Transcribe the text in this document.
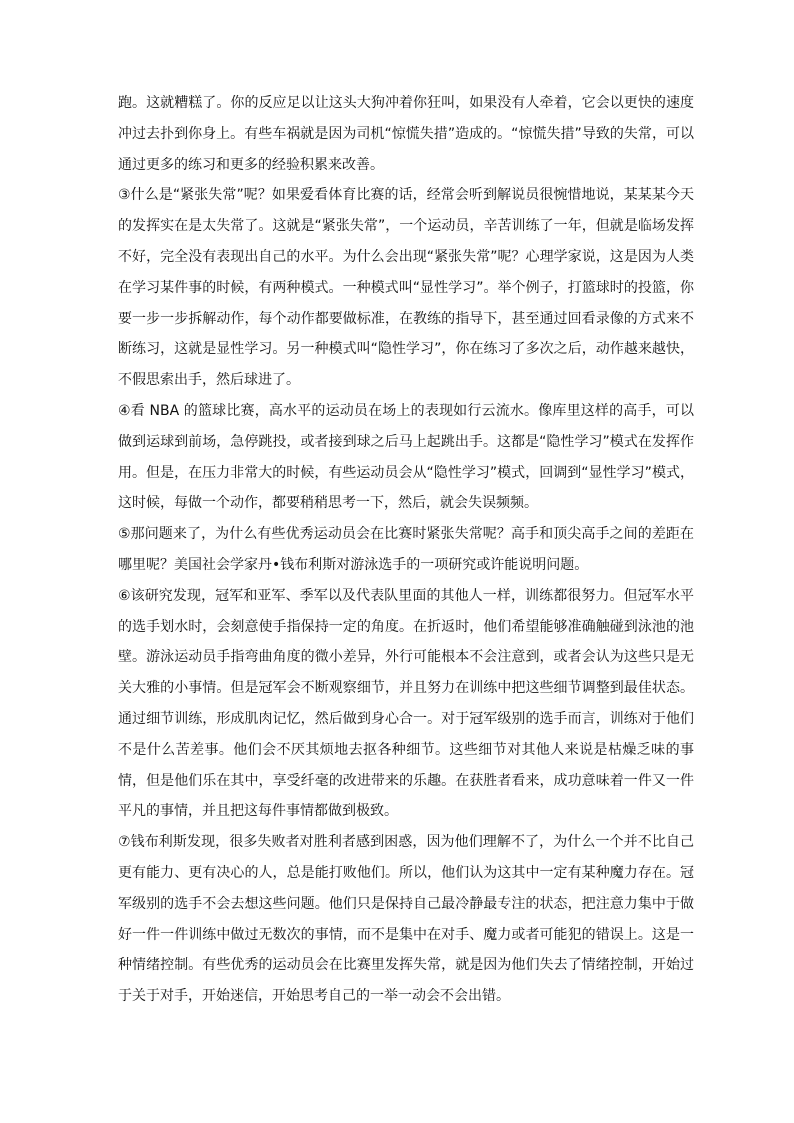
跑。这就糟糕了。你的反应足以让这头大狗冲着你狂叫，如果没有人牵着，它会以更快的速度冲过去扑到你身上。有些车祸就是因为司机“惊慌失措”造成的。“惊慌失措”导致的失常，可以通过更多的练习和更多的经验积累来改善。

③什么是“紧张失常”呢？如果爱看体育比赛的话，经常会听到解说员很惋惜地说，某某某今天的发挥实在是太失常了。这就是“紧张失常”，一个运动员，辛苦训练了一年，但就是临场发挥不好，完全没有表现出自己的水平。为什么会出现“紧张失常”呢？心理学家说，这是因为人类在学习某件事的时候，有两种模式。一种模式叫“显性学习”。举个例子，打篮球时的投篮，你要一步一步拆解动作，每个动作都要做标准，在教练的指导下，甚至通过回看录像的方式来不断练习，这就是显性学习。另一种模式叫“隐性学习”，你在练习了多次之后，动作越来越快，不假思索出手，然后球进了。

④看 NBA 的篮球比赛，高水平的运动员在场上的表现如行云流水。像库里这样的高手，可以做到运球到前场，急停跳投，或者接到球之后马上起跳出手。这都是“隐性学习”模式在发挥作用。但是，在压力非常大的时候，有些运动员会从“隐性学习”模式，回调到“显性学习”模式，这时候，每做一个动作，都要稍稍思考一下，然后，就会失误频频。

⑤那问题来了，为什么有些优秀运动员会在比赛时紧张失常呢？高手和顶尖高手之间的差距在哪里呢？美国社会学家丹•钱布利斯对游泳选手的一项研究或许能说明问题。

⑥该研究发现，冠军和亚军、季军以及代表队里面的其他人一样，训练都很努力。但冠军水平的选手划水时，会刻意使手指保持一定的角度。在折返时，他们希望能够准确触碰到泳池的池壁。游泳运动员手指弯曲角度的微小差异，外行可能根本不会注意到，或者会认为这些只是无关大雅的小事情。但是冠军会不断观察细节，并且努力在训练中把这些细节调整到最佳状态。通过细节训练，形成肌肉记忆，然后做到身心合一。对于冠军级别的选手而言，训练对于他们不是什么苦差事。他们会不厌其烦地去抠各种细节。这些细节对其他人来说是枯燥乏味的事情，但是他们乐在其中，享受纤毫的改进带来的乐趣。在获胜者看来，成功意味着一件又一件平凡的事情，并且把这每件事情都做到极致。

⑦钱布利斯发现，很多失败者对胜利者感到困惑，因为他们理解不了，为什么一个并不比自己更有能力、更有决心的人，总是能打败他们。所以，他们认为这其中一定有某种魔力存在。冠军级别的选手不会去想这些问题。他们只是保持自己最冷静最专注的状态，把注意力集中于做好一件一件训练中做过无数次的事情，而不是集中在对手、魔力或者可能犯的错误上。这是一种情绪控制。有些优秀的运动员会在比赛里发挥失常，就是因为他们失去了情绪控制，开始过于关于对手，开始迷信，开始思考自己的一举一动会不会出错。
